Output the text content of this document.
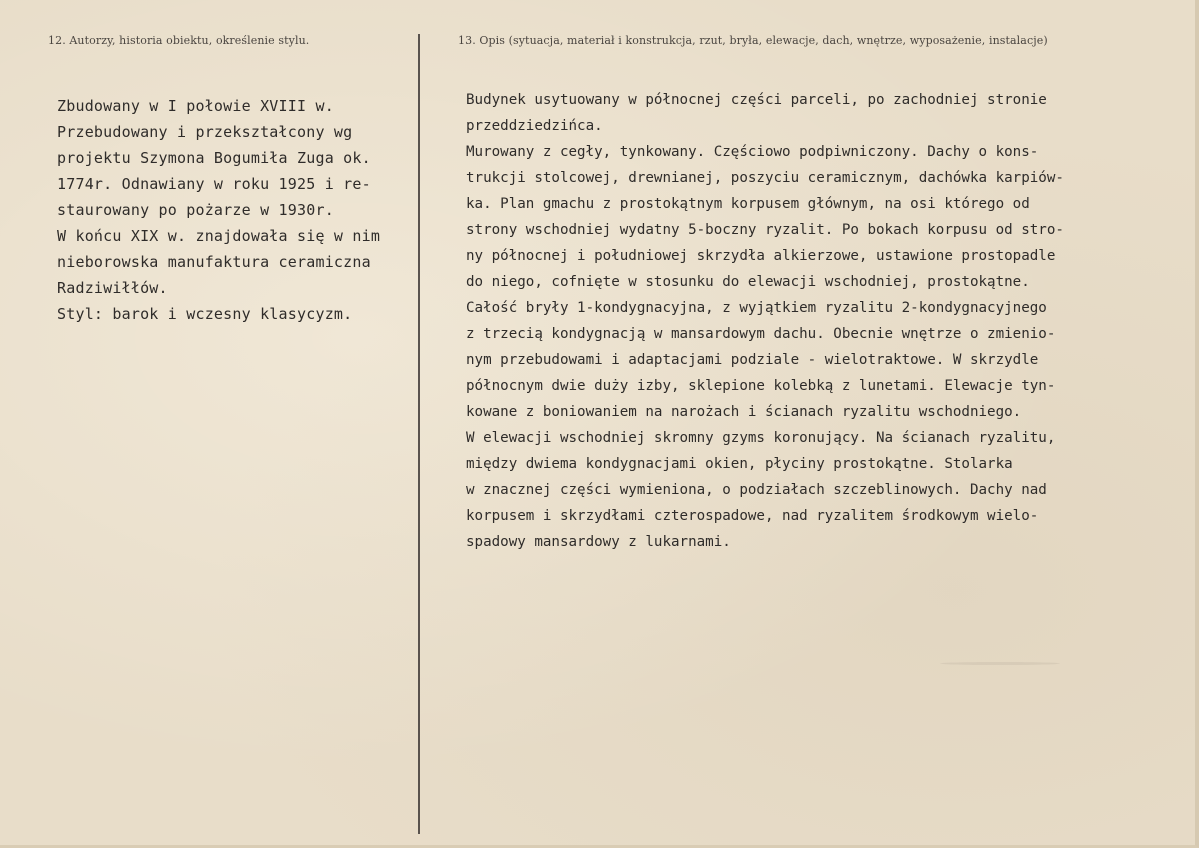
12. Autorzy, historia obiektu, określenie stylu.	13. Opis (sytuacja, materiał i konstrukcja, rzut, bryła, elewacje, dach, wnętrze, wyposażenie, instalacje)
Zbudowany w I połowie XVIII w.
Przebudowany i przekształcony wg
projektu Szymona Bogumiła Zuga ok.
1774r. Odnawiany w roku 1925 i re-
staurowany po pożarze w 1930r.
W końcu XIX w. znajdowała się w nim
nieborowska manufaktura ceramiczna
Radziwiłłów.
Styl: barok i wczesny klasycyzm.
Budynek usytuowany w północnej części parceli, po zachodniej stronie
przeddziedzińca.
Murowany z cegły, tynkowany. Częściowo podpiwniczony. Dachy o kons-
trukcji stolcowej, drewnianej, poszyciu ceramicznym, dachówka karpiów-
ka. Plan gmachu z prostokątnym korpusem głównym, na osi którego od
strony wschodniej wydatny 5-boczny ryzalit. Po bokach korpusu od stro-
ny północnej i południowej skrzydła alkierzowe, ustawione prostopadle
do niego, cofnięte w stosunku do elewacji wschodniej, prostokątne.
Całość bryły 1-kondygnacyjna, z wyjątkiem ryzalitu 2-kondygnacyjnego
z trzecią kondygnacją w mansardowym dachu. Obecnie wnętrze o zmienio-
nym przebudowami i adaptacjami podziale - wielotraktowe. W skrzydle
północnym dwie duży izby, sklepione kolebką z lunetami. Elewacje tyn-
kowane z boniowaniem na narożach i ścianach ryzalitu wschodniego.
W elewacji wschodniej skromny gzyms koronujący. Na ścianach ryzalitu,
między dwiema kondygnacjami okien, płyciny prostokątne. Stolarka
w znacznej części wymieniona, o podziałach szczeblinowych. Dachy nad
korpusem i skrzydłami czterospadowe, nad ryzalitem środkowym wielo-
spadowy mansardowy z lukarnami.
